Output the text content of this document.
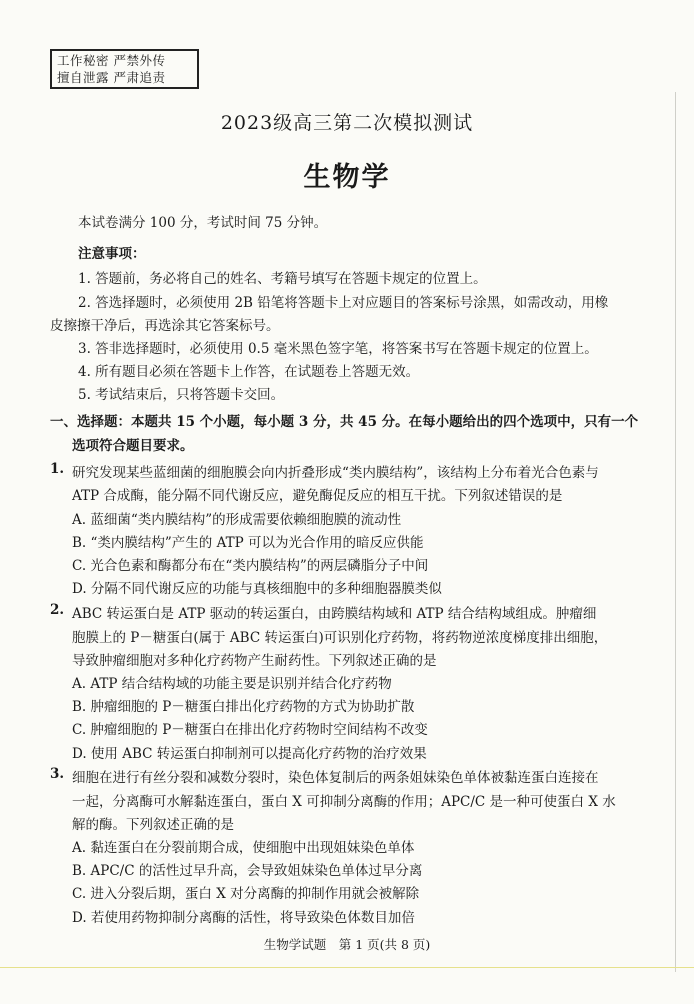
工作秘密 严禁外传
擅自泄露 严肃追责
2023级高三第二次模拟测试
生物学
本试卷满分 100 分，考试时间 75 分钟。
注意事项：
1. 答题前，务必将自己的姓名、考籍号填写在答题卡规定的位置上。
2. 答选择题时，必须使用 2B 铅笔将答题卡上对应题目的答案标号涂黑，如需改动，用橡
皮擦擦干净后，再选涂其它答案标号。
3. 答非选择题时，必须使用 0.5 毫米黑色签字笔，将答案书写在答题卡规定的位置上。
4. 所有题目必须在答题卡上作答，在试题卷上答题无效。
5. 考试结束后，只将答题卡交回。
一、选择题：本题共 15 个小题，每小题 3 分，共 45 分。在每小题给出的四个选项中，只有一个
选项符合题目要求。
1. 研究发现某些蓝细菌的细胞膜会向内折叠形成“类内膜结构”，该结构上分布着光合色素与
ATP 合成酶，能分隔不同代谢反应，避免酶促反应的相互干扰。下列叙述错误的是
A. 蓝细菌“类内膜结构”的形成需要依赖细胞膜的流动性
B. “类内膜结构”产生的 ATP 可以为光合作用的暗反应供能
C. 光合色素和酶都分布在“类内膜结构”的两层磷脂分子中间
D. 分隔不同代谢反应的功能与真核细胞中的多种细胞器膜类似
2. ABC 转运蛋白是 ATP 驱动的转运蛋白，由跨膜结构域和 ATP 结合结构域组成。肿瘤细
胞膜上的 P－糖蛋白(属于 ABC 转运蛋白)可识别化疗药物，将药物逆浓度梯度排出细胞，
导致肿瘤细胞对多种化疗药物产生耐药性。下列叙述正确的是
A. ATP 结合结构域的功能主要是识别并结合化疗药物
B. 肿瘤细胞的 P－糖蛋白排出化疗药物的方式为协助扩散
C. 肿瘤细胞的 P－糖蛋白在排出化疗药物时空间结构不改变
D. 使用 ABC 转运蛋白抑制剂可以提高化疗药物的治疗效果
3. 细胞在进行有丝分裂和减数分裂时，染色体复制后的两条姐妹染色单体被黏连蛋白连接在
一起，分离酶可水解黏连蛋白，蛋白 X 可抑制分离酶的作用；APC/C 是一种可使蛋白 X 水
解的酶。下列叙述正确的是
A. 黏连蛋白在分裂前期合成，使细胞中出现姐妹染色单体
B. APC/C 的活性过早升高，会导致姐妹染色单体过早分离
C. 进入分裂后期，蛋白 X 对分离酶的抑制作用就会被解除
D. 若使用药物抑制分离酶的活性，将导致染色体数目加倍
生物学试题　第 1 页(共 8 页)
